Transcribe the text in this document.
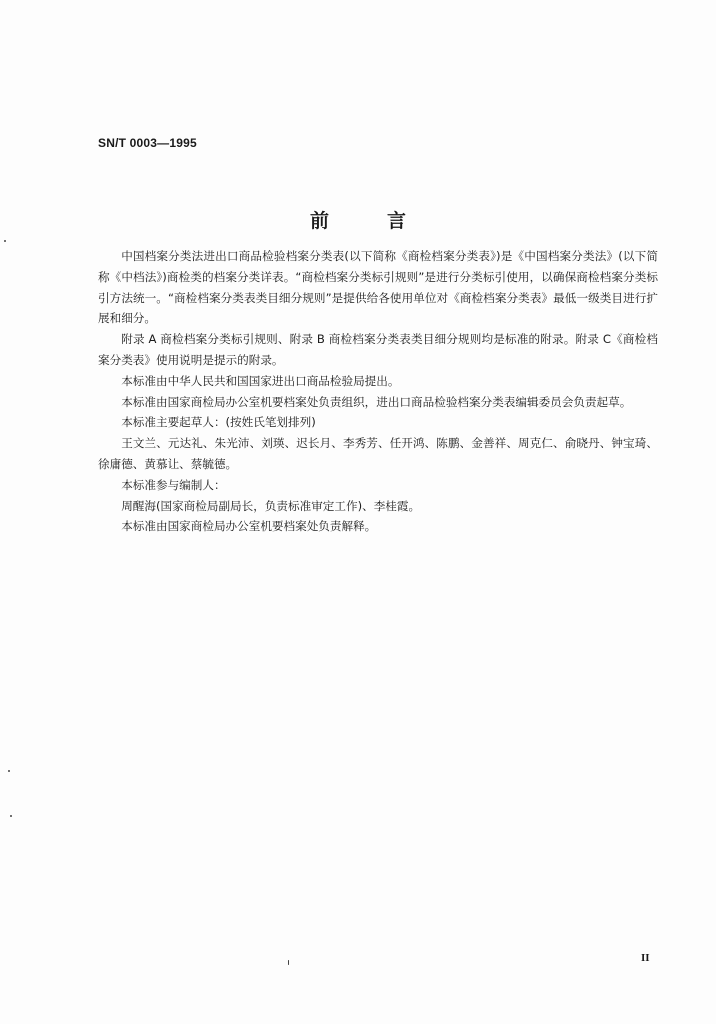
SN/T 0003—1995
前言

中国档案分类法进出口商品检验档案分类表(以下简称《商检档案分类表》)是《中国档案分类法》(以下简称《中档法》)商检类的档案分类详表。“商检档案分类标引规则”是进行分类标引使用，以确保商检档案分类标引方法统一。“商检档案分类表类目细分规则”是提供给各使用单位对《商检档案分类表》最低一级类目进行扩展和细分。

附录 A 商检档案分类标引规则、附录 B 商检档案分类表类目细分规则均是标准的附录。附录 C《商检档案分类表》使用说明是提示的附录。

本标准由中华人民共和国国家进出口商品检验局提出。

本标准由国家商检局办公室机要档案处负责组织，进出口商品检验档案分类表编辑委员会负责起草。

本标准主要起草人：(按姓氏笔划排列)

王文兰、元达礼、朱光沛、刘瑛、迟长月、李秀芳、任开鸿、陈鹏、金善祥、周克仁、俞晓丹、钟宝琦、徐庸德、黄慕让、蔡毓德。

本标准参与编制人：

周醒海(国家商检局副局长，负责标准审定工作)、李桂霞。

本标准由国家商检局办公室机要档案处负责解释。

II
